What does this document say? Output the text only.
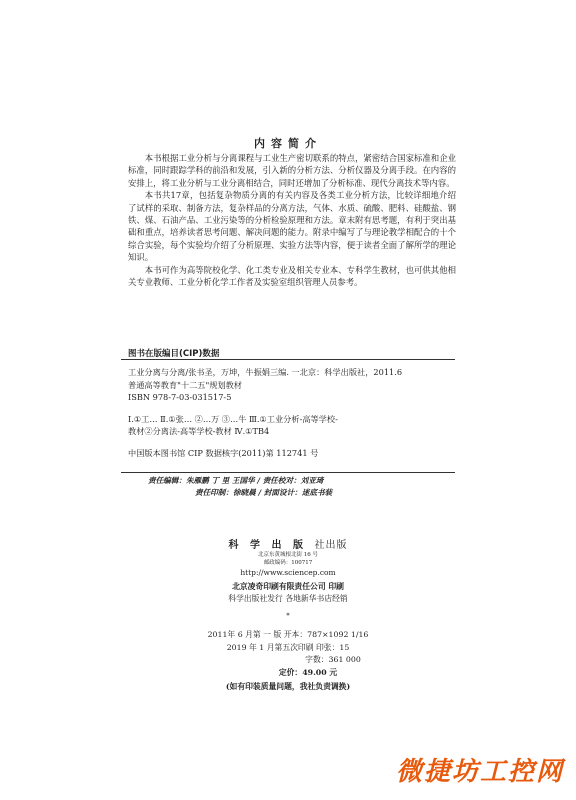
内容简介

本书根据工业分析与分离课程与工业生产密切联系的特点，紧密结合国家标准和企业标准，同时跟踪学科的前沿和发展，引入新的分析方法、分析仪器及分离手段。在内容的安排上，将工业分析与工业分离相结合，同时还增加了分析标准、现代分离技术等内容。

本书共17章，包括复杂物质分离的有关内容及各类工业分析方法，比较详细地介绍了试样的采取、制备方法，复杂样品的分离方法，气体、水质、硫酸、肥料、硅酸盐、钢铁、煤、石油产品、工业污染等的分析检验原理和方法。章末附有思考题，有利于突出基础和重点，培养读者思考问题、解决问题的能力。附录中编写了与理论教学相配合的十个综合实验，每个实验均介绍了分析原理、实验方法等内容，便于读者全面了解所学的理论知识。

本书可作为高等院校化学、化工类专业及相关专业本、专科学生教材，也可供其他相关专业教师、工业分析化学工作者及实验室组织管理人员参考。

图书在版编目(CIP)数据
工业分离与分离/张书圣，万坤，牛振娟三编. 一北京：科学出版社，2011.6
普通高等教育"十二五"规划教材
ISBN 978-7-03-031517-5
Ⅰ.①工… Ⅱ.①张… ②…万 ③…牛 Ⅲ.①工业分析-高等学校-
教材②分离法-高等学校-教材 Ⅳ.①TB4
中国版本图书馆 CIP 数据核字(2011)第 112741 号
责任编辑：朱雁鹏 丁 里 王国华 / 责任校对：刘亚琦
责任印制：徐晓晨 / 封面设计：迷底书装
科 学 出 版 社出版
北京东黄城根北街 16 号
邮政编码：100717
http://www.sciencep.com
北京凌奇印刷有限责任公司 印刷
科学出版社发行 各地新华书店经销
*
2011年 6 月第 一 版 开本：787×1092 1/16
2019 年 1 月第五次印刷 印张：15
字数：361 000
定价：49.00 元
(如有印装质量问题，我社负责调换)
微捷坊工控网
